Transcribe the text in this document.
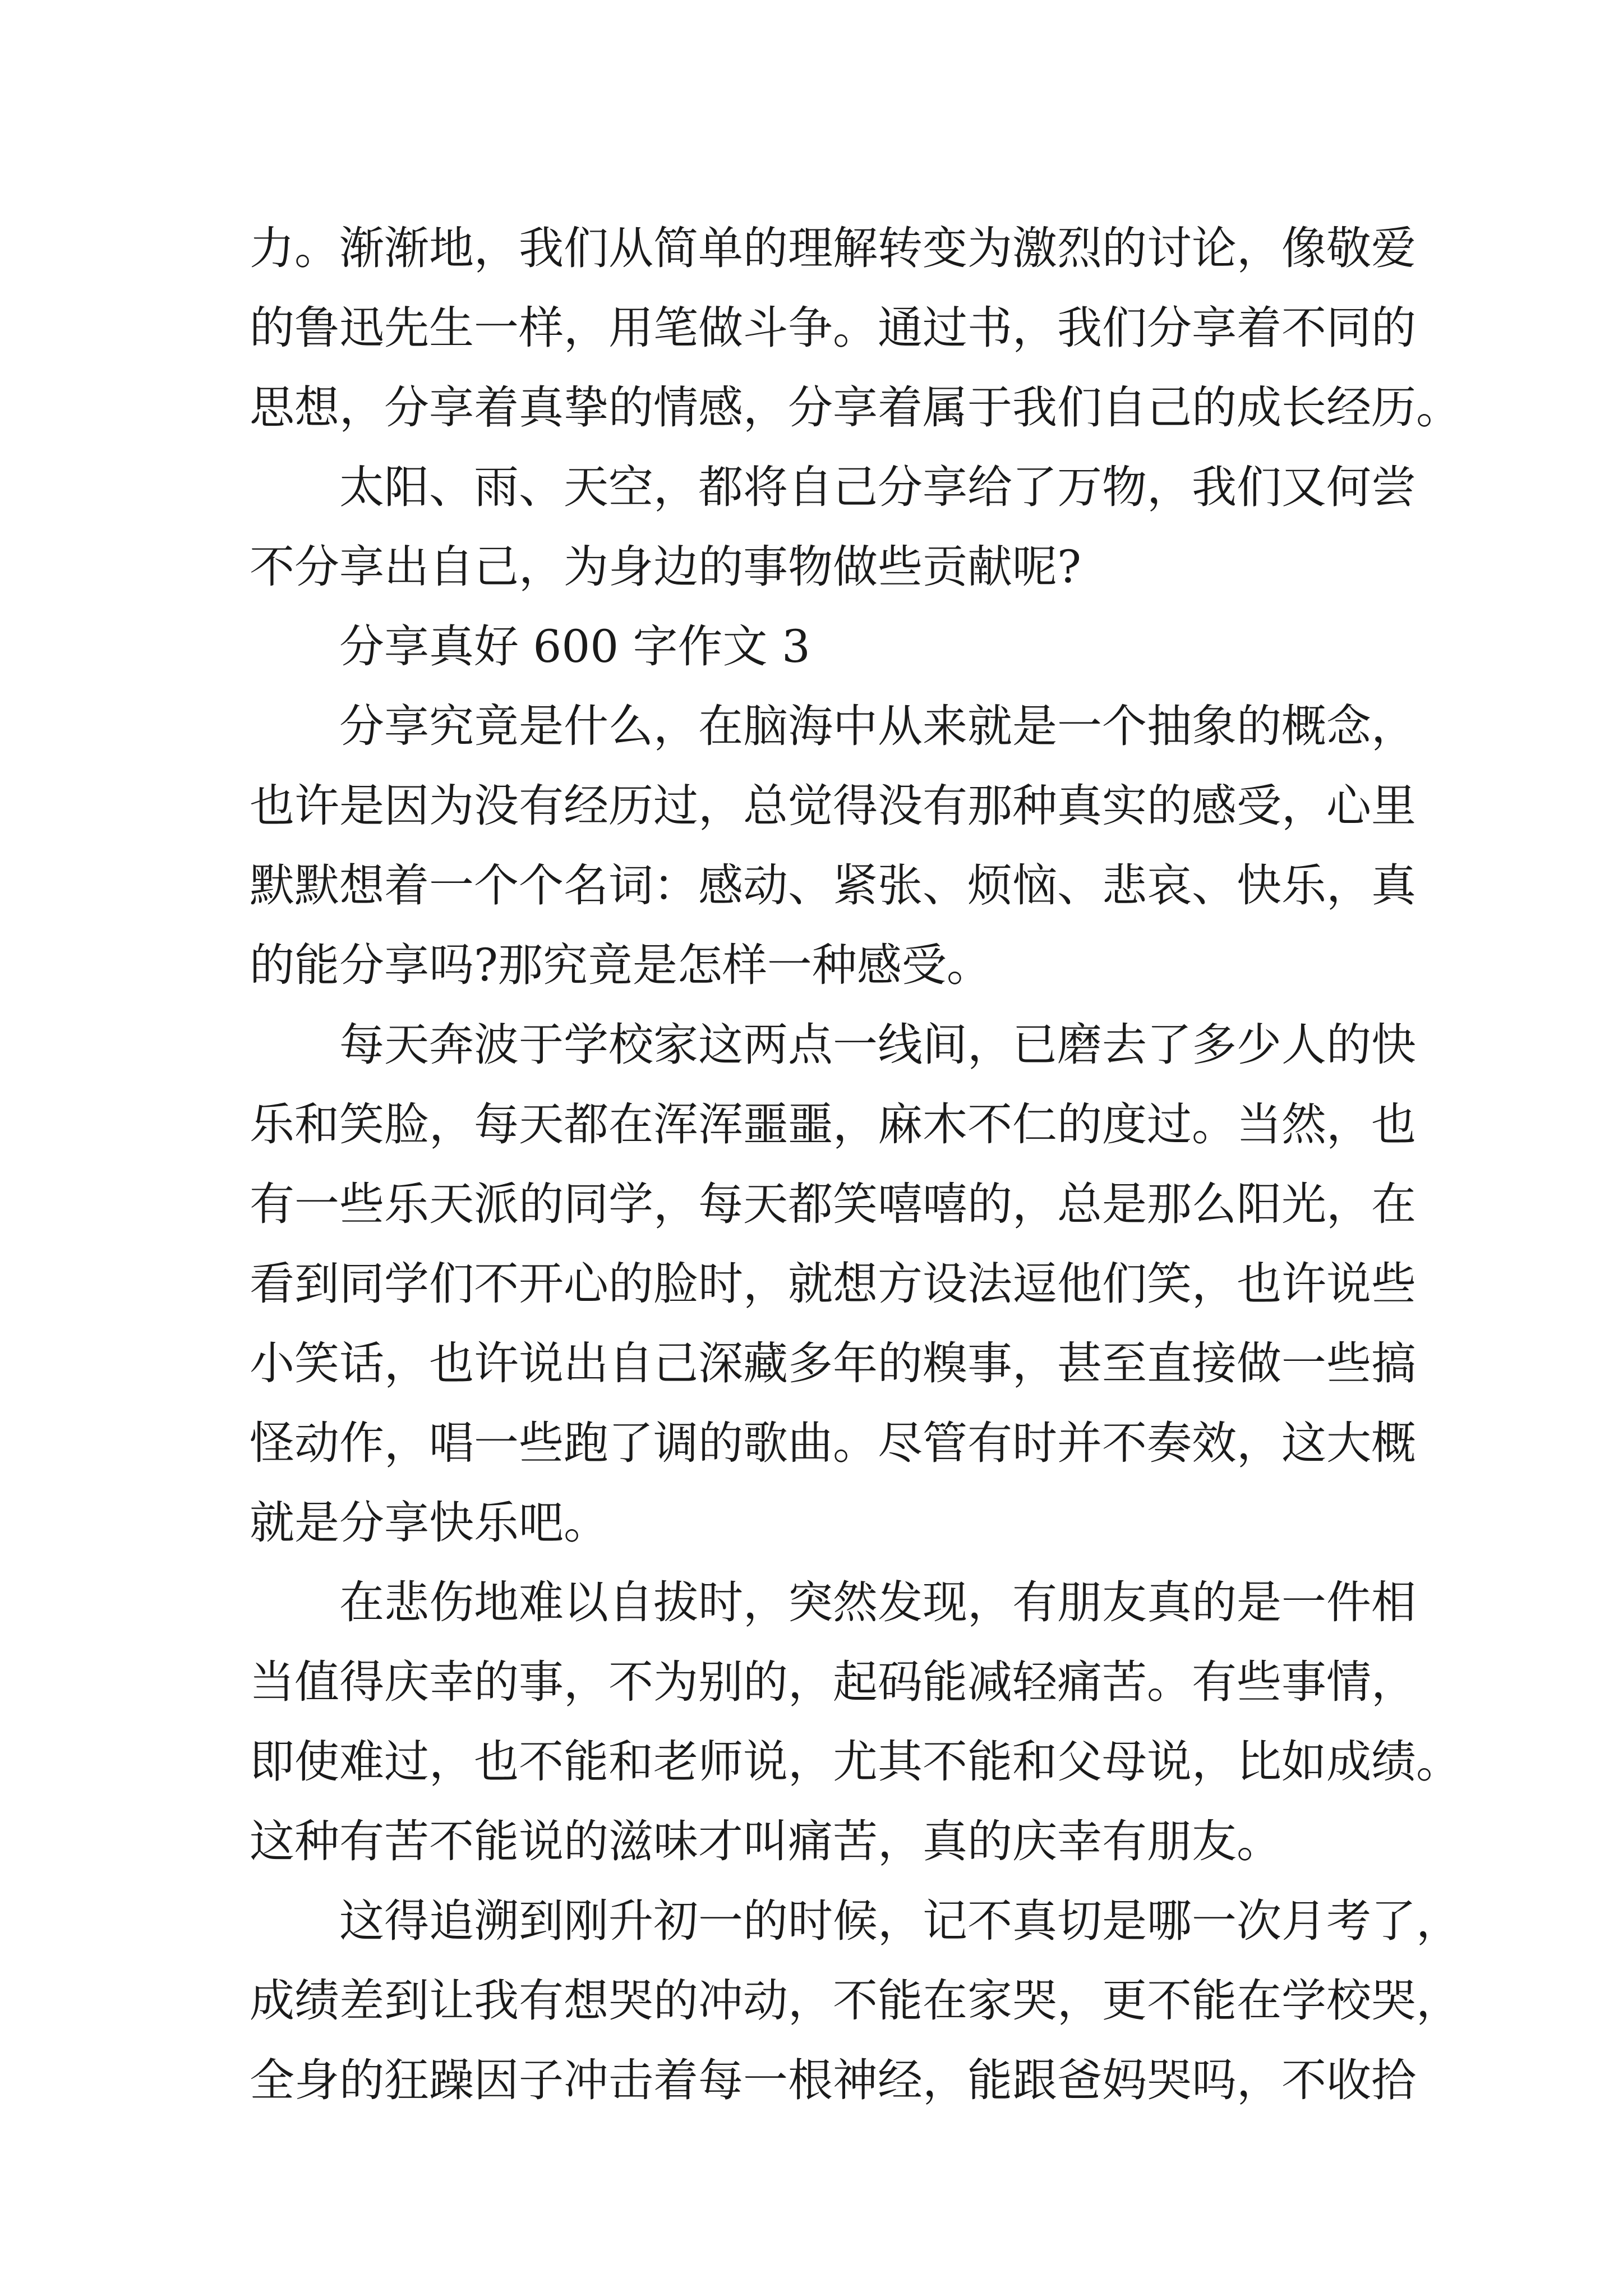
力。渐渐地，我们从简单的理解转变为激烈的讨论，像敬爱
的鲁迅先生一样，用笔做斗争。通过书，我们分享着不同的
思想，分享着真挚的情感，分享着属于我们自己的成长经历。
太阳、雨、天空，都将自己分享给了万物，我们又何尝
不分享出自己，为身边的事物做些贡献呢?
分享真好 600 字作文 3
分享究竟是什么，在脑海中从来就是一个抽象的概念，
也许是因为没有经历过，总觉得没有那种真实的感受，心里
默默想着一个个名词：感动、紧张、烦恼、悲哀、快乐，真
的能分享吗?那究竟是怎样一种感受。
每天奔波于学校家这两点一线间，已磨去了多少人的快
乐和笑脸，每天都在浑浑噩噩，麻木不仁的度过。当然，也
有一些乐天派的同学，每天都笑嘻嘻的，总是那么阳光，在
看到同学们不开心的脸时，就想方设法逗他们笑，也许说些
小笑话，也许说出自己深藏多年的糗事，甚至直接做一些搞
怪动作，唱一些跑了调的歌曲。尽管有时并不奏效，这大概
就是分享快乐吧。
在悲伤地难以自拔时，突然发现，有朋友真的是一件相
当值得庆幸的事，不为别的，起码能减轻痛苦。有些事情，
即使难过，也不能和老师说，尤其不能和父母说，比如成绩。
这种有苦不能说的滋味才叫痛苦，真的庆幸有朋友。
这得追溯到刚升初一的时候，记不真切是哪一次月考了，
成绩差到让我有想哭的冲动，不能在家哭，更不能在学校哭，
全身的狂躁因子冲击着每一根神经，能跟爸妈哭吗，不收拾
